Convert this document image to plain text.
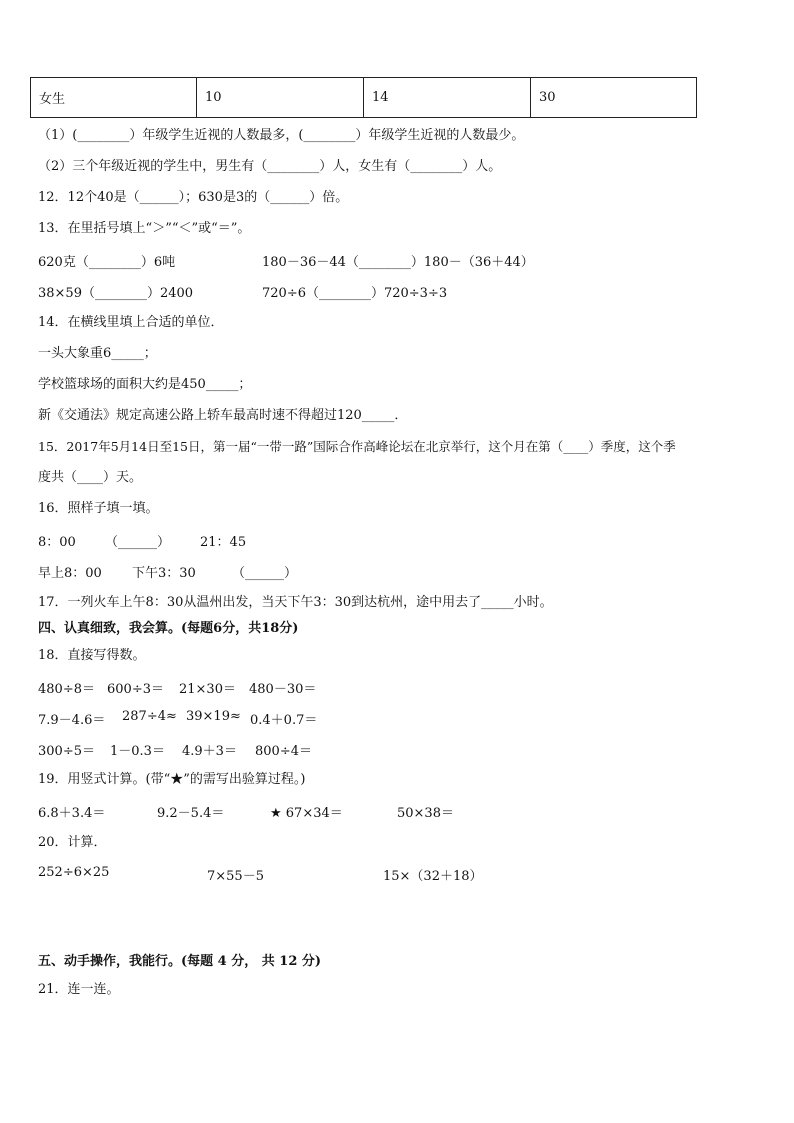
女生	10	14	30
（1）(________）年级学生近视的人数最多，(________）年级学生近视的人数最少。
（2）三个年级近视的学生中，男生有（________）人，女生有（________）人。
12．12个40是（______）；630是3的（______）倍。
13．在里括号填上“＞”“＜”或“＝”。
620克（________）6吨	180－36－44（________）180－（36＋44）
38×59（________）2400	720÷6（________）720÷3÷3
14．在横线里填上合适的单位．
一头大象重6_____；
学校篮球场的面积大约是450_____；
新《交通法》规定高速公路上轿车最高时速不得超过120_____．
15．2017年5月14日至15日，第一届“一带一路”国际合作高峰论坛在北京举行，这个月在第（____）季度，这个季
度共（____）天。
16．照样子填一填。
8：00 （______） 21：45
早上8：00 下午3：30	（______）
17．一列火车上午8：30从温州出发，当天下午3：30到达杭州，途中用去了_____小时。
四、认真细致，我会算。(每题6分，共18分)
18．直接写得数。
480÷8＝ 600÷3＝ 21×30＝ 480－30＝
7.9－4.6＝ 287÷4≈ 39×19≈ 0.4＋0.7＝
300÷5＝ 1－0.3＝ 4.9＋3＝ 800÷4＝
19．用竖式计算。(带“★”的需写出验算过程。)
6.8＋3.4＝	9.2－5.4＝	★ 67×34＝	50×38＝
20．计算．
252÷6×25	7×55－5	15×（32＋18）
五、动手操作，我能行。(每题 4 分， 共 12 分)
21．连一连。
